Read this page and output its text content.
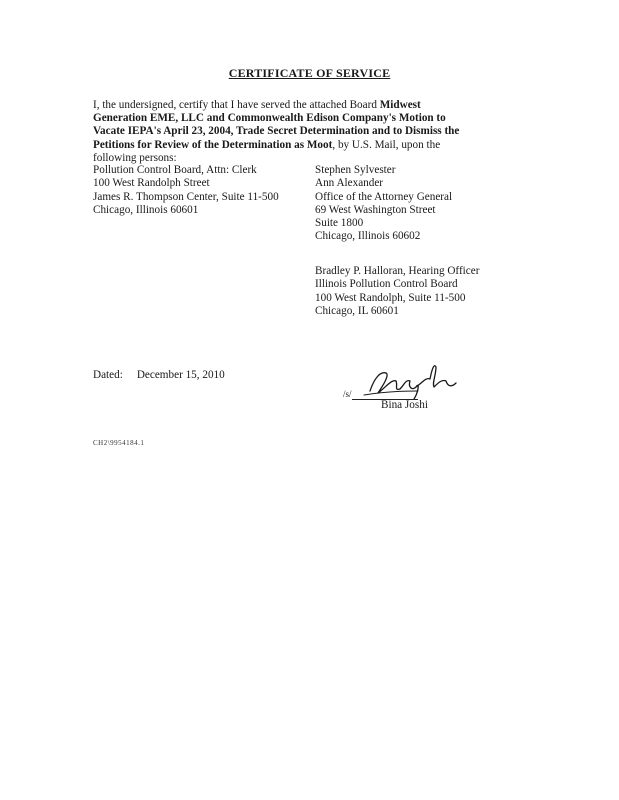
CERTIFICATE OF SERVICE
I, the undersigned, certify that I have served the attached Board Midwest Generation EME, LLC and Commonwealth Edison Company's Motion to Vacate IEPA's April 23, 2004, Trade Secret Determination and to Dismiss the Petitions for Review of the Determination as Moot, by U.S. Mail, upon the following persons:
Pollution Control Board, Attn: Clerk
100 West Randolph Street
James R. Thompson Center, Suite 11-500
Chicago, Illinois 60601
Stephen Sylvester
Ann Alexander
Office of the Attorney General
69 West Washington Street
Suite 1800
Chicago, Illinois 60602
Bradley P. Halloran, Hearing Officer
Illinois Pollution Control Board
100 West Randolph, Suite 11-500
Chicago, IL 60601
Dated: December 15, 2010
/s/
Bina Joshi
CH2\9954184.1
